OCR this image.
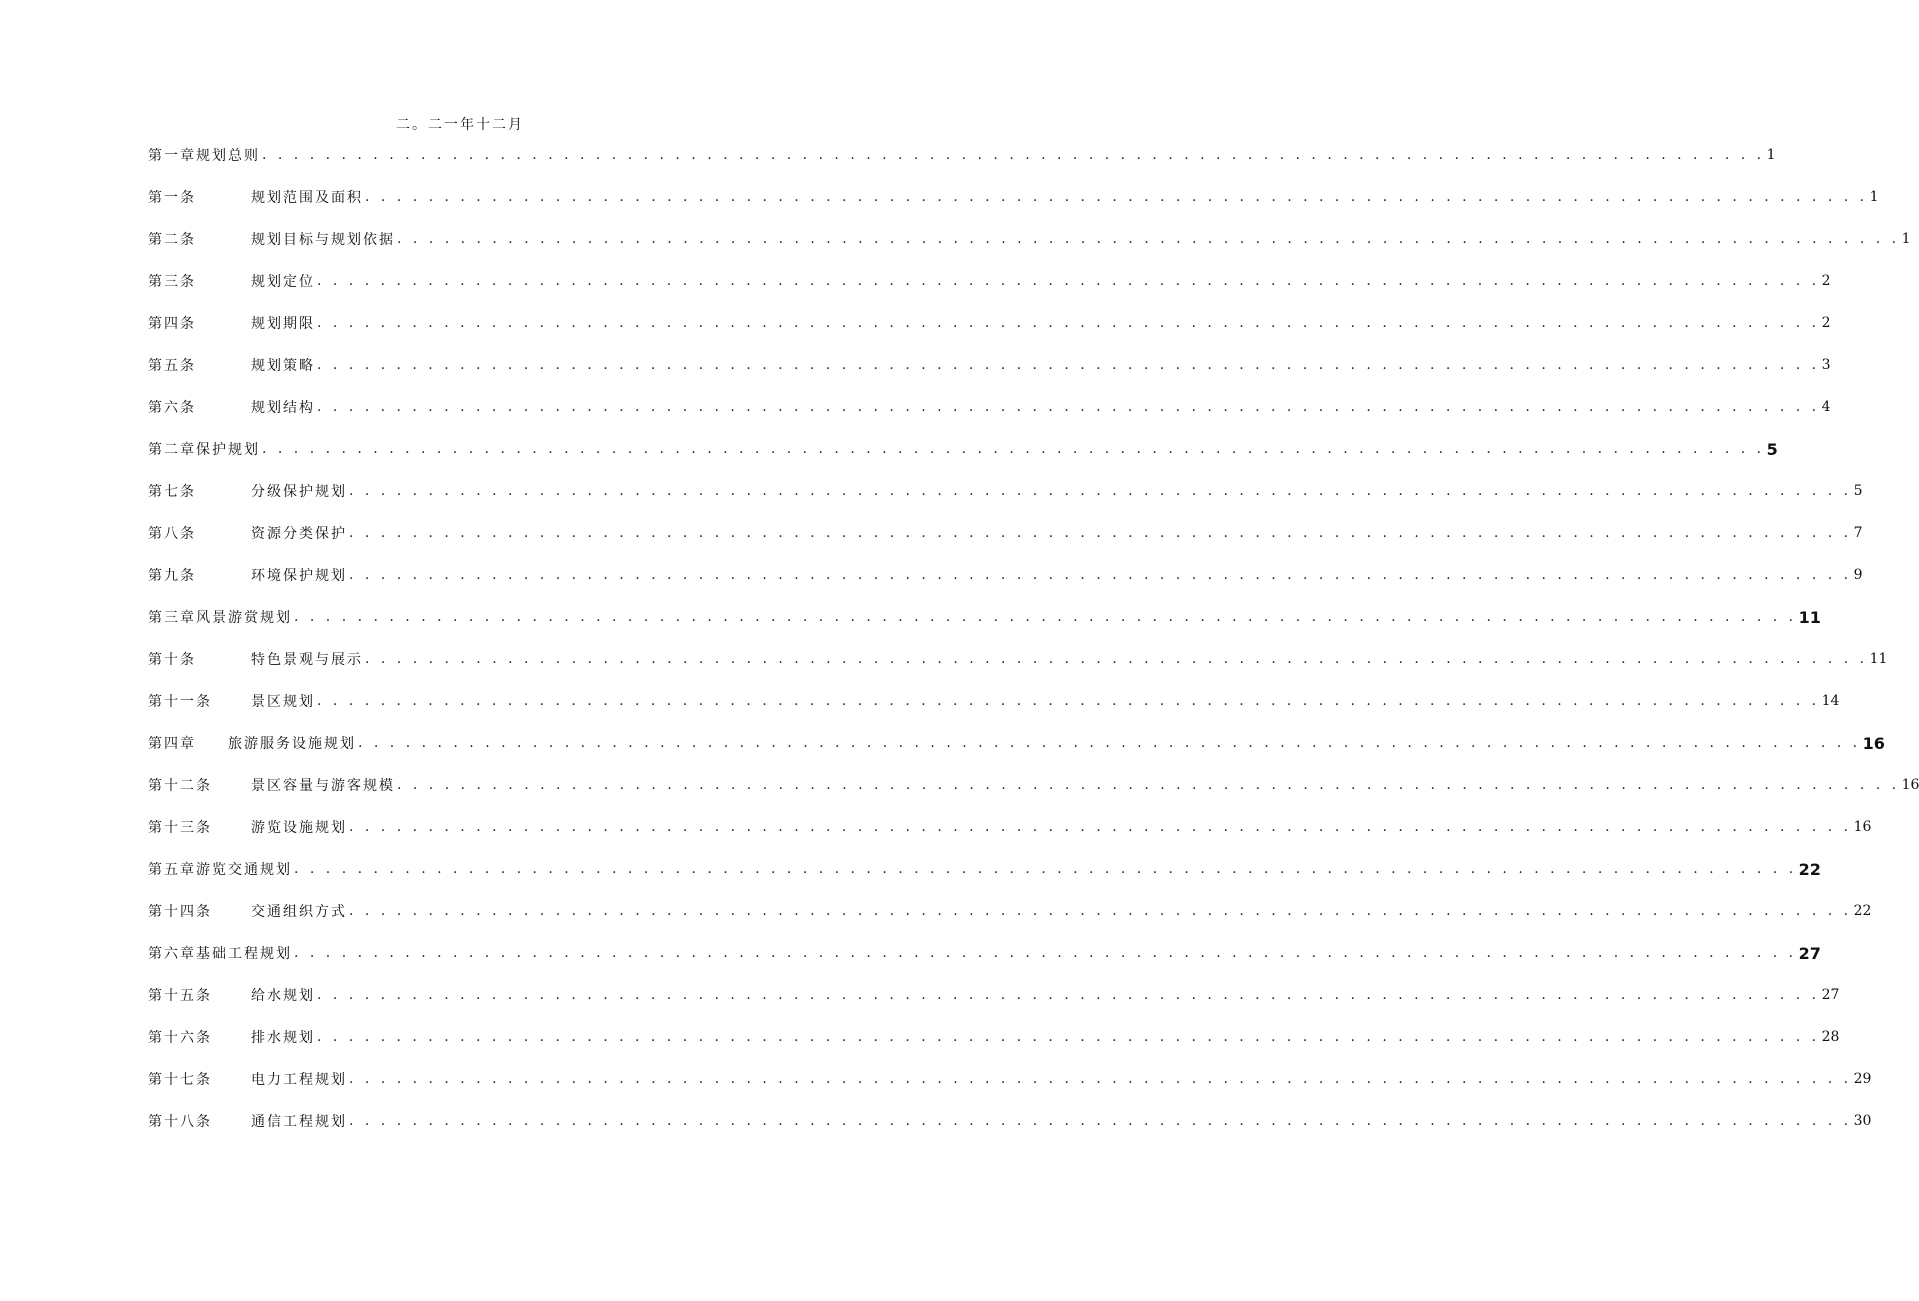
二。二一年十二月
第一章规划总则 . . . . . . . . . . . . . . . . . . . . . . . . . . . . . . . . . . . . . . . . . . . . . . . . . . . . . . . . . . . . . . . . . . . . . . . . . . . . . . . . . . . . . . . . . . . . . . . 1
第一条	规划范围及面积 . . . . . . . . . . . . . . . . . . . . . . . . . . . . . . . . . . . . . . . . . . . . . . . . . . . . . . . . . . . . . . . . . . . . . . . . . . . . . . . . . . . . . . . . . . . . . . . 1
第二条	规划目标与规划依据 . . . . . . . . . . . . . . . . . . . . . . . . . . . . . . . . . . . . . . . . . . . . . . . . . . . . . . . . . . . . . . . . . . . . . . . . . . . . . . . . . . . . . . . . . . . . . . . 1
第三条	规划定位 . . . . . . . . . . . . . . . . . . . . . . . . . . . . . . . . . . . . . . . . . . . . . . . . . . . . . . . . . . . . . . . . . . . . . . . . . . . . . . . . . . . . . . . . . . . . . . . 2
第四条	规划期限 . . . . . . . . . . . . . . . . . . . . . . . . . . . . . . . . . . . . . . . . . . . . . . . . . . . . . . . . . . . . . . . . . . . . . . . . . . . . . . . . . . . . . . . . . . . . . . . 2
第五条	规划策略 . . . . . . . . . . . . . . . . . . . . . . . . . . . . . . . . . . . . . . . . . . . . . . . . . . . . . . . . . . . . . . . . . . . . . . . . . . . . . . . . . . . . . . . . . . . . . . . 3
第六条	规划结构 . . . . . . . . . . . . . . . . . . . . . . . . . . . . . . . . . . . . . . . . . . . . . . . . . . . . . . . . . . . . . . . . . . . . . . . . . . . . . . . . . . . . . . . . . . . . . . . 4
第二章保护规划 . . . . . . . . . . . . . . . . . . . . . . . . . . . . . . . . . . . . . . . . . . . . . . . . . . . . . . . . . . . . . . . . . . . . . . . . . . . . . . . . . . . . . . . . . . . . . . . 5
第七条	分级保护规划 . . . . . . . . . . . . . . . . . . . . . . . . . . . . . . . . . . . . . . . . . . . . . . . . . . . . . . . . . . . . . . . . . . . . . . . . . . . . . . . . . . . . . . . . . . . . . . . 5
第八条	资源分类保护 . . . . . . . . . . . . . . . . . . . . . . . . . . . . . . . . . . . . . . . . . . . . . . . . . . . . . . . . . . . . . . . . . . . . . . . . . . . . . . . . . . . . . . . . . . . . . . . 7
第九条	环境保护规划 . . . . . . . . . . . . . . . . . . . . . . . . . . . . . . . . . . . . . . . . . . . . . . . . . . . . . . . . . . . . . . . . . . . . . . . . . . . . . . . . . . . . . . . . . . . . . . . 9
第三章风景游赏规划 . . . . . . . . . . . . . . . . . . . . . . . . . . . . . . . . . . . . . . . . . . . . . . . . . . . . . . . . . . . . . . . . . . . . . . . . . . . . . . . . . . . . . . . . . . . . . . . 11
第十条	特色景观与展示 . . . . . . . . . . . . . . . . . . . . . . . . . . . . . . . . . . . . . . . . . . . . . . . . . . . . . . . . . . . . . . . . . . . . . . . . . . . . . . . . . . . . . . . . . . . . . . . 11
第十一条	景区规划 . . . . . . . . . . . . . . . . . . . . . . . . . . . . . . . . . . . . . . . . . . . . . . . . . . . . . . . . . . . . . . . . . . . . . . . . . . . . . . . . . . . . . . . . . . . . . . . 14
第四章　　旅游服务设施规划 . . . . . . . . . . . . . . . . . . . . . . . . . . . . . . . . . . . . . . . . . . . . . . . . . . . . . . . . . . . . . . . . . . . . . . . . . . . . . . . . . . . . . . . . . . . . . . . 16
第十二条	景区容量与游客规模 . . . . . . . . . . . . . . . . . . . . . . . . . . . . . . . . . . . . . . . . . . . . . . . . . . . . . . . . . . . . . . . . . . . . . . . . . . . . . . . . . . . . . . . . . . . . . . . 16
第十三条	游览设施规划 . . . . . . . . . . . . . . . . . . . . . . . . . . . . . . . . . . . . . . . . . . . . . . . . . . . . . . . . . . . . . . . . . . . . . . . . . . . . . . . . . . . . . . . . . . . . . . . 16
第五章游览交通规划 . . . . . . . . . . . . . . . . . . . . . . . . . . . . . . . . . . . . . . . . . . . . . . . . . . . . . . . . . . . . . . . . . . . . . . . . . . . . . . . . . . . . . . . . . . . . . . . 22
第十四条	交通组织方式 . . . . . . . . . . . . . . . . . . . . . . . . . . . . . . . . . . . . . . . . . . . . . . . . . . . . . . . . . . . . . . . . . . . . . . . . . . . . . . . . . . . . . . . . . . . . . . . 22
第六章基础工程规划 . . . . . . . . . . . . . . . . . . . . . . . . . . . . . . . . . . . . . . . . . . . . . . . . . . . . . . . . . . . . . . . . . . . . . . . . . . . . . . . . . . . . . . . . . . . . . . . 27
第十五条	给水规划 . . . . . . . . . . . . . . . . . . . . . . . . . . . . . . . . . . . . . . . . . . . . . . . . . . . . . . . . . . . . . . . . . . . . . . . . . . . . . . . . . . . . . . . . . . . . . . . 27
第十六条	排水规划 . . . . . . . . . . . . . . . . . . . . . . . . . . . . . . . . . . . . . . . . . . . . . . . . . . . . . . . . . . . . . . . . . . . . . . . . . . . . . . . . . . . . . . . . . . . . . . . 28
第十七条	电力工程规划 . . . . . . . . . . . . . . . . . . . . . . . . . . . . . . . . . . . . . . . . . . . . . . . . . . . . . . . . . . . . . . . . . . . . . . . . . . . . . . . . . . . . . . . . . . . . . . . 29
第十八条	通信工程规划 . . . . . . . . . . . . . . . . . . . . . . . . . . . . . . . . . . . . . . . . . . . . . . . . . . . . . . . . . . . . . . . . . . . . . . . . . . . . . . . . . . . . . . . . . . . . . . . 30
